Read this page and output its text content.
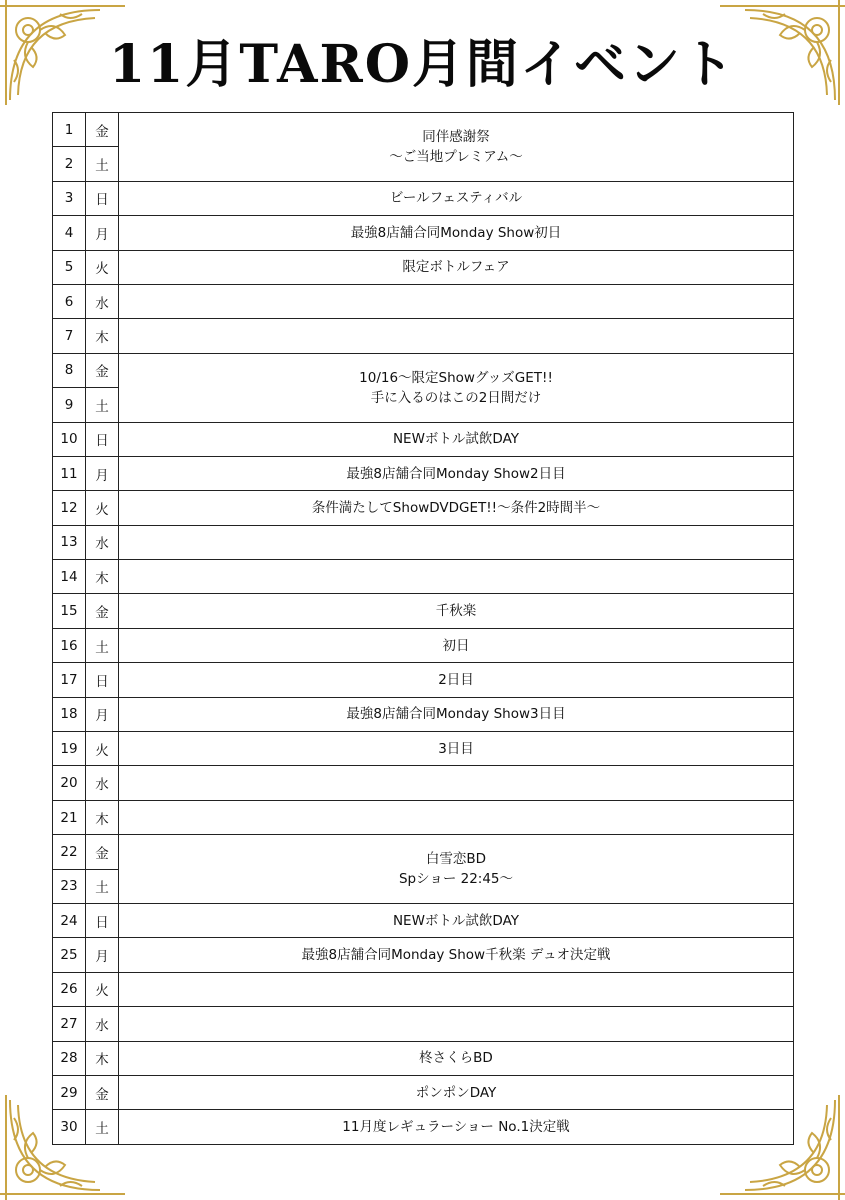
11月TARO月間イベント
1	金	同伴感謝祭
〜ご当地プレミアム〜

2	土	
3	日	ビールフェスティバル

4	月	最強8店舗合同Monday Show初日

5	火	限定ボトルフェア

6	水	
7	木	
8	金	10/16〜限定ShowグッズGET!!
手に入るのはこの2日間だけ

9	土	
10	日	NEWボトル試飲DAY

11	月	最強8店舗合同Monday Show2日目

12	火	条件満たしてShowDVDGET!!〜条件2時間半〜

13	水	
14	木	
15	金	千秋楽

16	土	初日

17	日	2日目

18	月	最強8店舗合同Monday Show3日目

19	火	3日目

20	水	
21	木	
22	金	白雪恋BD
Spショー 22:45〜

23	土	
24	日	NEWボトル試飲DAY

25	月	最強8店舗合同Monday Show千秋楽 デュオ決定戦

26	火	
27	水	
28	木	柊さくらBD

29	金	ポンポンDAY

30	土	11月度レギュラーショー No.1決定戦
